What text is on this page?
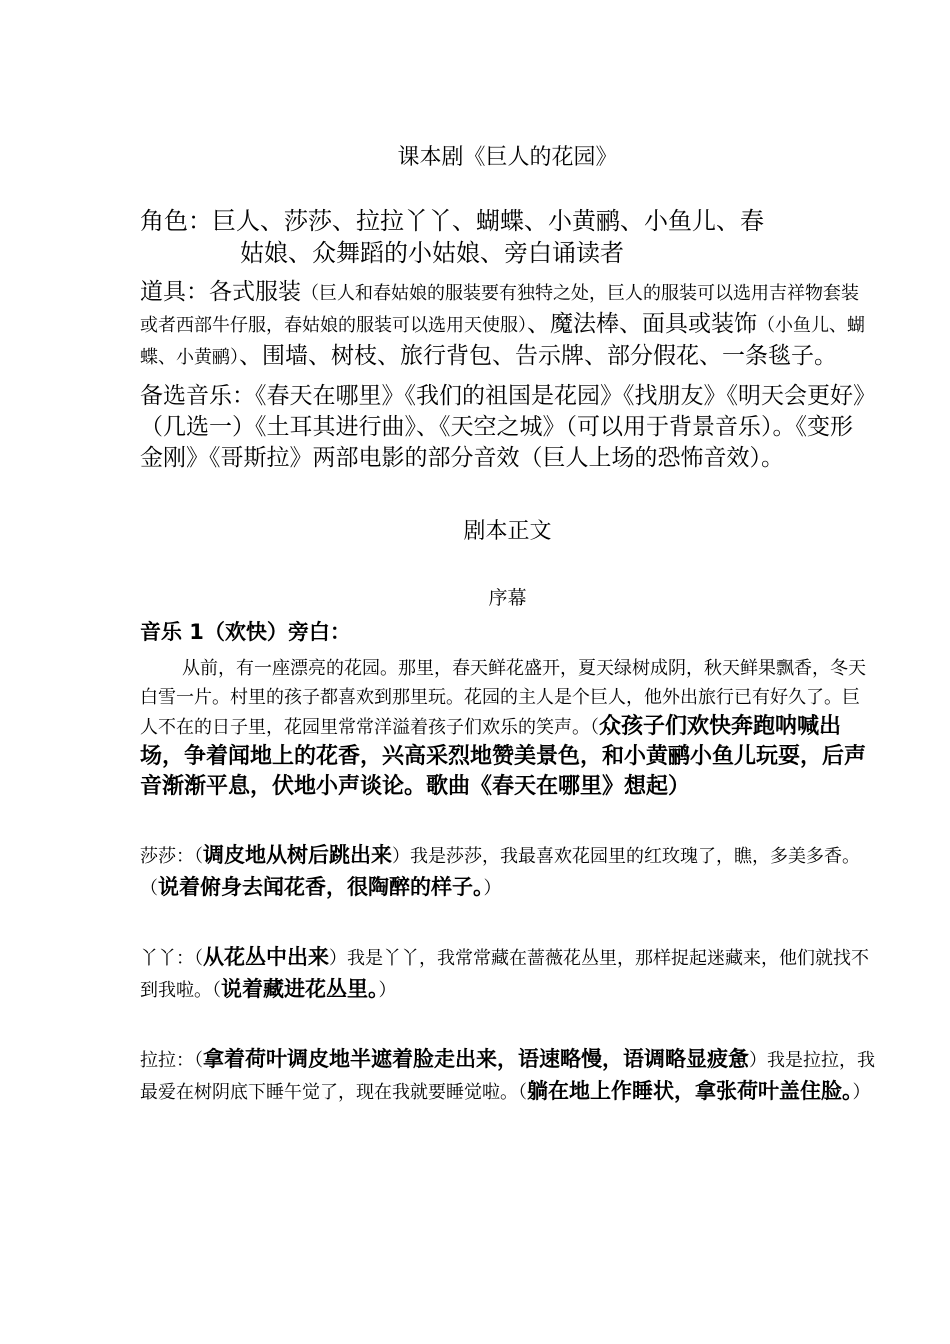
课本剧《巨人的花园》
角色：巨人、莎莎、拉拉丫丫、蝴蝶、小黄鹂、小鱼儿、春
姑娘、众舞蹈的小姑娘、旁白诵读者
道具：各式服装（巨人和春姑娘的服装要有独特之处，巨人的服装可以选用吉祥物套装或者西部牛仔服，春姑娘的服装可以选用天使服）、魔法棒、面具或装饰（小鱼儿、蝴蝶、小黄鹂）、围墙、树枝、旅行背包、告示牌、部分假花、一条毯子。
备选音乐：《春天在哪里》《我们的祖国是花园》《找朋友》《明天会更好》（几选一）《土耳其进行曲》、《天空之城》（可以用于背景音乐）。《变形金刚》《哥斯拉》两部电影的部分音效（巨人上场的恐怖音效）。
剧本正文
序幕
音乐 1（欢快）旁白：
从前，有一座漂亮的花园。那里，春天鲜花盛开，夏天绿树成阴，秋天鲜果飘香，冬天白雪一片。村里的孩子都喜欢到那里玩。花园的主人是个巨人，他外出旅行已有好久了。巨人不在的日子里，花园里常常洋溢着孩子们欢乐的笑声。（众孩子们欢快奔跑呐喊出场，争着闻地上的花香，兴高采烈地赞美景色，和小黄鹂小鱼儿玩耍，后声音渐渐平息，伏地小声谈论。歌曲《春天在哪里》想起）
莎莎：（调皮地从树后跳出来）我是莎莎，我最喜欢花园里的红玫瑰了，瞧，多美多香。（说着俯身去闻花香，很陶醉的样子。）
丫丫：（从花丛中出来）我是丫丫，我常常藏在蔷薇花丛里，那样捉起迷藏来，他们就找不到我啦。（说着藏进花丛里。）
拉拉：（拿着荷叶调皮地半遮着脸走出来，语速略慢，语调略显疲惫）我是拉拉，我最爱在树阴底下睡午觉了，现在我就要睡觉啦。（躺在地上作睡状，拿张荷叶盖住脸。）
